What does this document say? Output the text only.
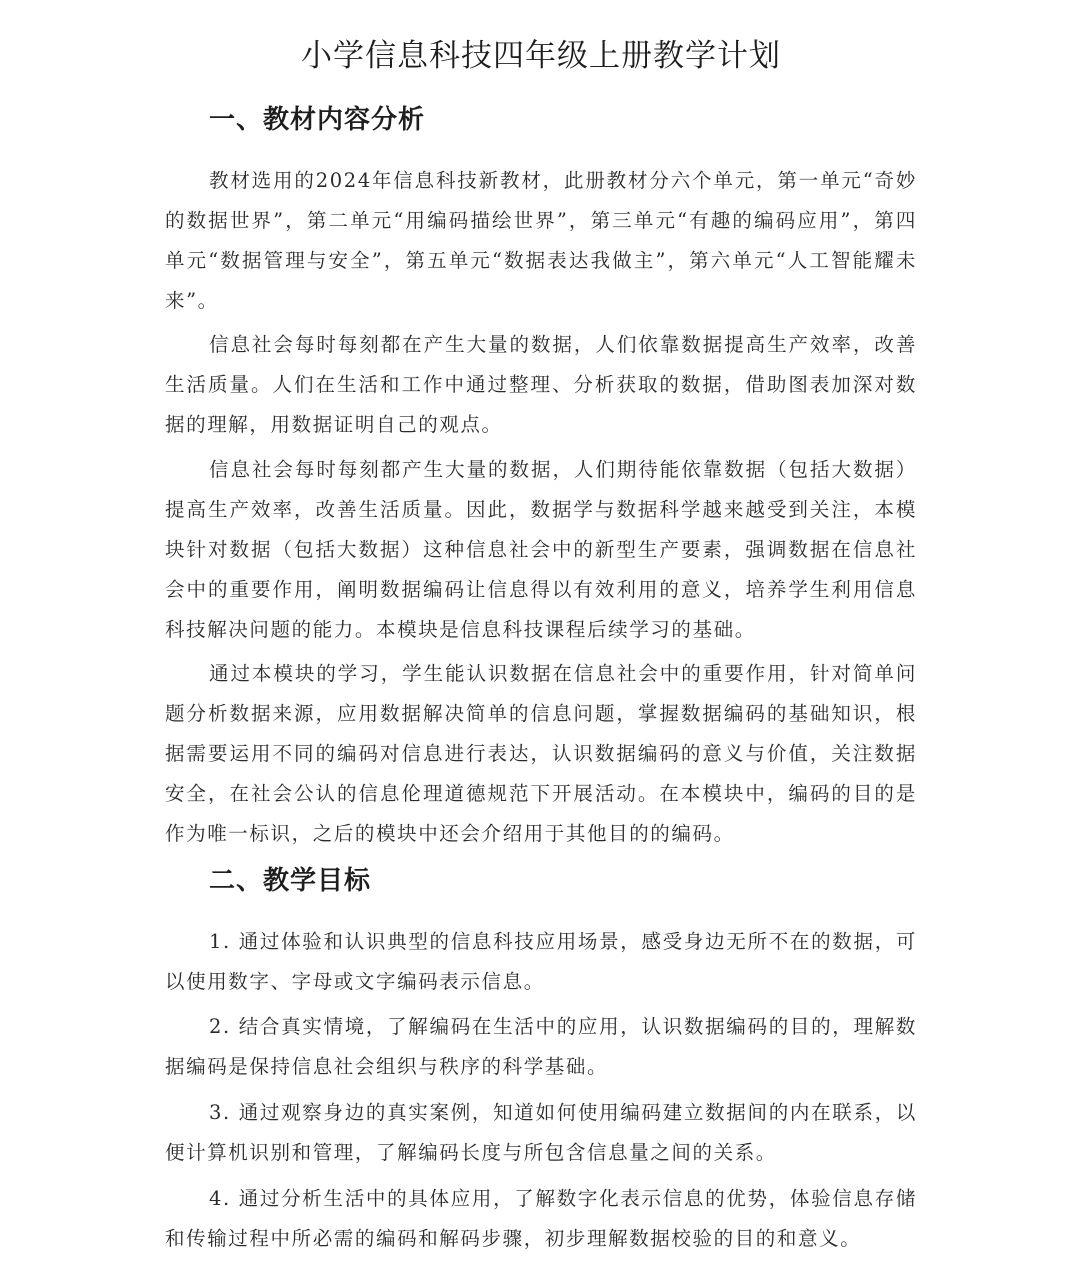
小学信息科技四年级上册教学计划
一、教材内容分析

教材选用的2024年信息科技新教材，此册教材分六个单元，第一单元“奇妙的数据世界”，第二单元“用编码描绘世界”，第三单元“有趣的编码应用”，第四单元“数据管理与安全”，第五单元“数据表达我做主”，第六单元“人工智能耀未来”。

信息社会每时每刻都在产生大量的数据，人们依靠数据提高生产效率，改善生活质量。人们在生活和工作中通过整理、分析获取的数据，借助图表加深对数据的理解，用数据证明自己的观点。

信息社会每时每刻都产生大量的数据，人们期待能依靠数据（包括大数据）提高生产效率，改善生活质量。因此，数据学与数据科学越来越受到关注，本模块针对数据（包括大数据）这种信息社会中的新型生产要素，强调数据在信息社会中的重要作用，阐明数据编码让信息得以有效利用的意义，培养学生利用信息科技解决问题的能力。本模块是信息科技课程后续学习的基础。

通过本模块的学习，学生能认识数据在信息社会中的重要作用，针对简单问题分析数据来源，应用数据解决简单的信息问题，掌握数据编码的基础知识，根据需要运用不同的编码对信息进行表达，认识数据编码的意义与价值，关注数据安全，在社会公认的信息伦理道德规范下开展活动。在本模块中，编码的目的是作为唯一标识，之后的模块中还会介绍用于其他目的的编码。

二、教学目标

1. 通过体验和认识典型的信息科技应用场景，感受身边无所不在的数据，可以使用数字、字母或文字编码表示信息。

2. 结合真实情境，了解编码在生活中的应用，认识数据编码的目的，理解数据编码是保持信息社会组织与秩序的科学基础。

3. 通过观察身边的真实案例，知道如何使用编码建立数据间的内在联系，以便计算机识别和管理，了解编码长度与所包含信息量之间的关系。

4. 通过分析生活中的具体应用，了解数字化表示信息的优势，体验信息存储和传输过程中所必需的编码和解码步骤，初步理解数据校验的目的和意义。
